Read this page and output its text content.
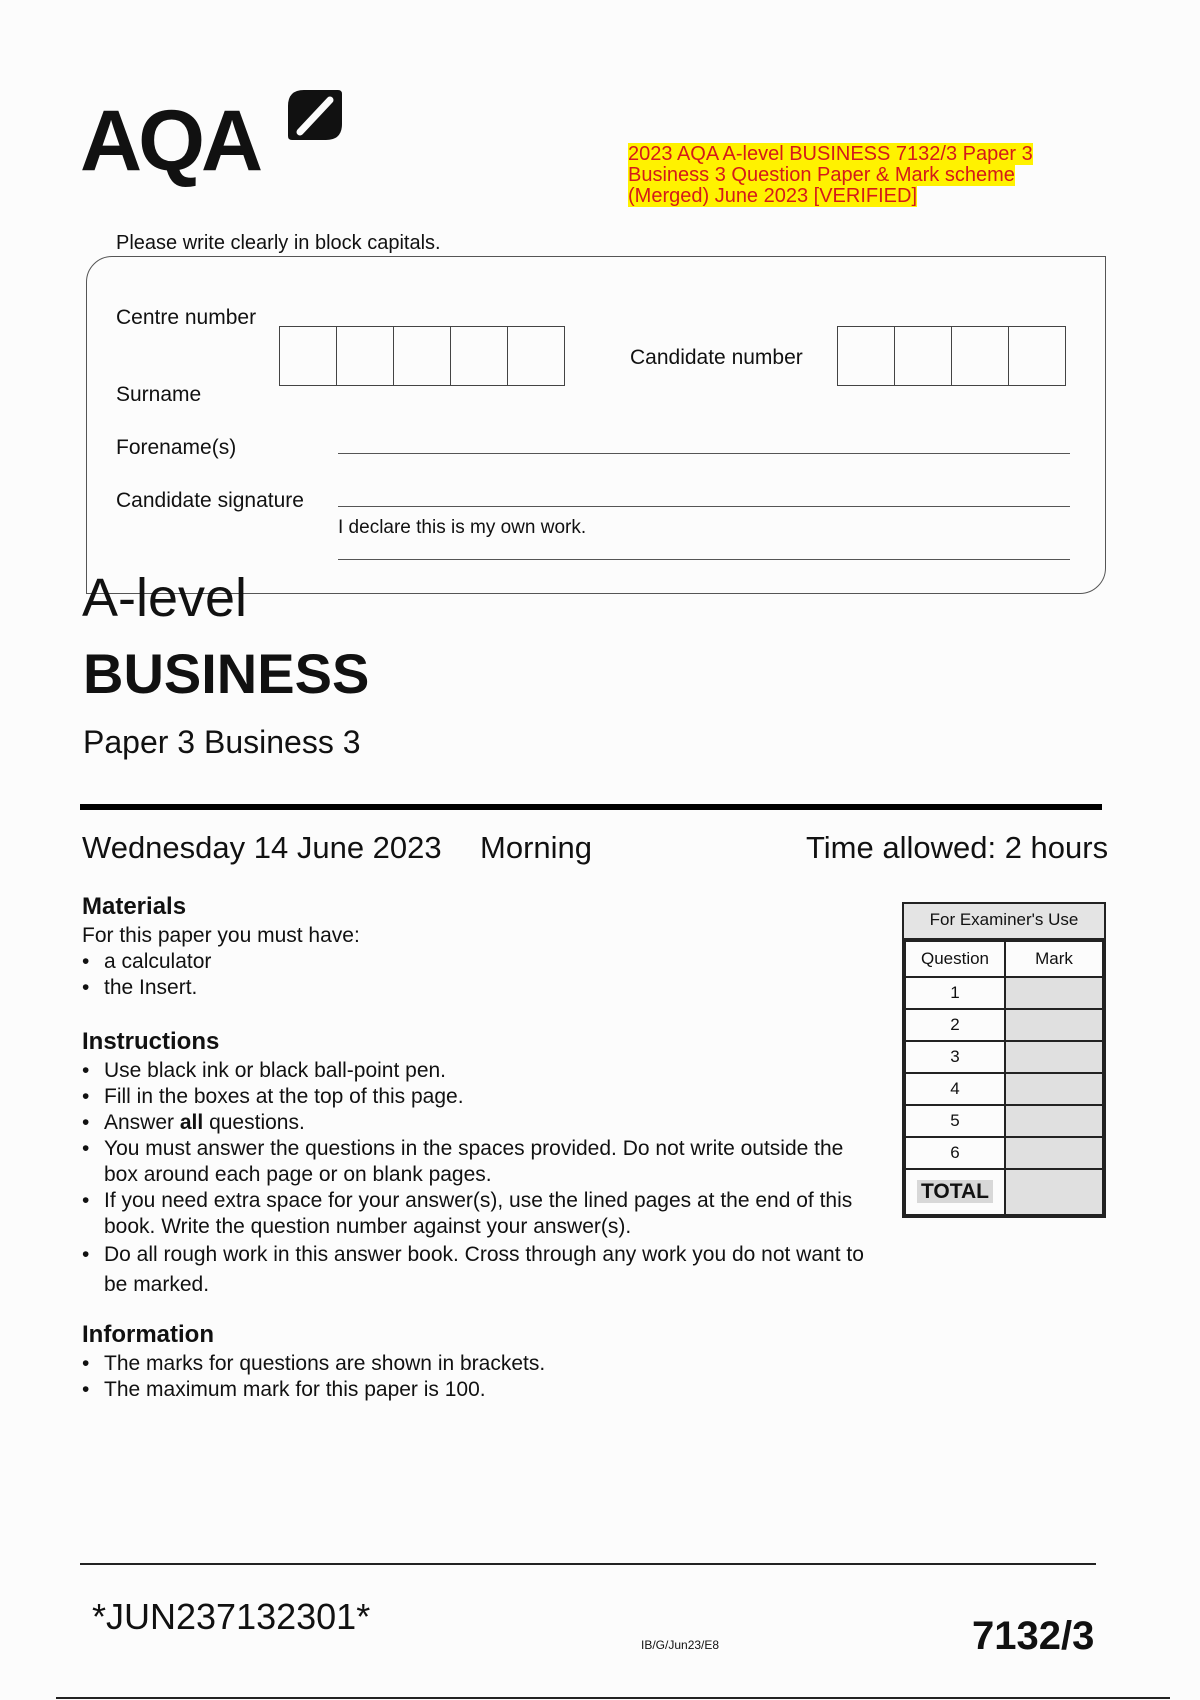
AQA	2023 AQA A-level BUSINESS 7132/3 Paper 3 Business 3 Question Paper & Mark scheme (Merged) June 2023 [VERIFIED]
Please write clearly in block capitals.
Centre number
Candidate number
Surname
Forename(s)
Candidate signature
I declare this is my own work.
A-level
BUSINESS
Paper 3 Business 3
Wednesday 14 June 2023 Morning	Time allowed: 2 hours
Materials
For this paper you must have:
• a calculator
• the Insert.
Instructions
• Use black ink or black ball-point pen.
• Fill in the boxes at the top of this page.
• Answer all questions.
• You must answer the questions in the spaces provided. Do not write outside the box around each page or on blank pages.
• If you need extra space for your answer(s), use the lined pages at the end of this book. Write the question number against your answer(s).
• Do all rough work in this answer book. Cross through any work you do not want to be marked.
Information
• The marks for questions are shown in brackets.
• The maximum mark for this paper is 100.
For Examiner's Use
Question	Mark
1	
2	
3	
4	
5	
6	
TOTAL	
*JUN237132301*
IB/G/Jun23/E8	7132/3
